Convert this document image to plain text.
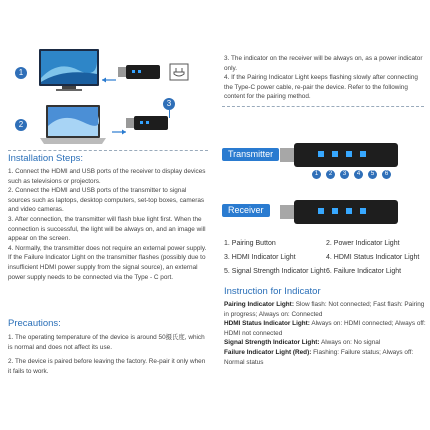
1
2
3
Installation Steps:
1. Connect the HDMI and USB ports of the receiver to display devices
such as televisions or projectors.
2. Connect the HDMI and USB ports of the transmitter to signal
sources such as laptops, desktop computers, set-top boxes, cameras
and video cameras.
3. After connection, the transmitter will flash blue light first. When the
connection is successful, the light will be always on, and an image will
appear on the screen.
4. Normally, the transmitter does not require an external power supply.
If the Failure Indicator Light on the transmitter flashes (possibly due to
insufficient HDMI power supply from the signal source), an external
power supply needs to be connected via the Type - C port.
Precautions:
1. The operating temperature of the device is around 50摄氏度, which
is normal and does not affect its use.
2. The device is paired before leaving the factory. Re-pair it only when
it fails to work.
3. The indicator on the receiver will be always on, as a power indicator
only.
4. If the Pairing Indicator Light keeps flashing slowly after connecting
the Type-C power cable, re-pair the device. Refer to the following
content for the pairing method.
Transmitter
1	2	3	4	5	6
Receiver
1. Pairing Button	2. Power Indicator Light
3. HDMI Indicator Light	4. HDMI Status Indicator Light
5. Signal Strength Indicator Light 6. Failure Indicator Light
Instruction for Indicator
Pairing Indicator Light: Slow flash: Not connected; Fast flash: Pairing
in progress; Always on: Connected
HDMI Status Indicator Light: Always on: HDMI connected; Always off:
HDMI not connected
Signal Strength Indicator Light: Always on: No signal
Failure Indicator Light (Red): Flashing: Failure status; Always off:
Normal status
